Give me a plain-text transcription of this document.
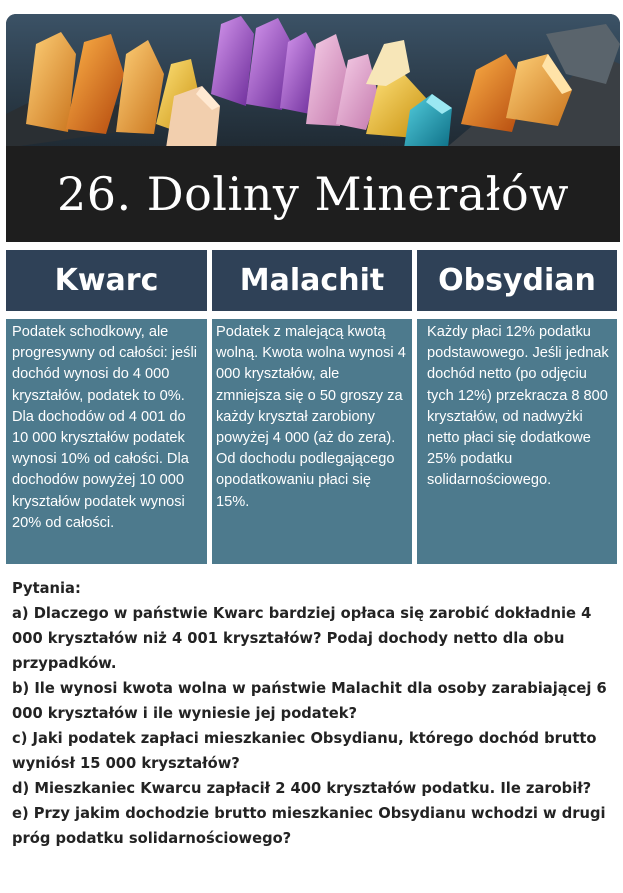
26. Doliny Minerałów
Kwarc	Malachit Obsydian

Podatek schodkowy, ale progresywny od całości: jeśli dochód wynosi do 4 000 kryształów, podatek to 0%. Dla dochodów od 4 001 do 10 000 kryształów podatek wynosi 10% od całości. Dla dochodów powyżej 10 000 kryształów podatek wynosi 20% od całości.

Podatek z malejącą kwotą wolną. Kwota wolna wynosi 4 000 kryształów, ale zmniejsza się o 50 groszy za każdy kryształ zarobiony powyżej 4 000 (aż do zera). Od dochodu podlegającego opodatkowaniu płaci się 15%.

Każdy płaci 12% podatku podstawowego. Jeśli jednak dochód netto (po odjęciu tych 12%) przekracza 8 800 kryształów, od nadwyżki netto płaci się dodatkowe 25% podatku solidarnościowego.

Pytania:

a) Dlaczego w państwie Kwarc bardziej opłaca się zarobić dokładnie 4 000 kryształów niż 4 001 kryształów? Podaj dochody netto dla obu przypadków.

b) Ile wynosi kwota wolna w państwie Malachit dla osoby zarabiającej 6 000 kryształów i ile wyniesie jej podatek?

c) Jaki podatek zapłaci mieszkaniec Obsydianu, którego dochód brutto wyniósł 15 000 kryształów?

d) Mieszkaniec Kwarcu zapłacił 2 400 kryształów podatku. Ile zarobił?

e) Przy jakim dochodzie brutto mieszkaniec Obsydianu wchodzi w drugi próg podatku solidarnościowego?
